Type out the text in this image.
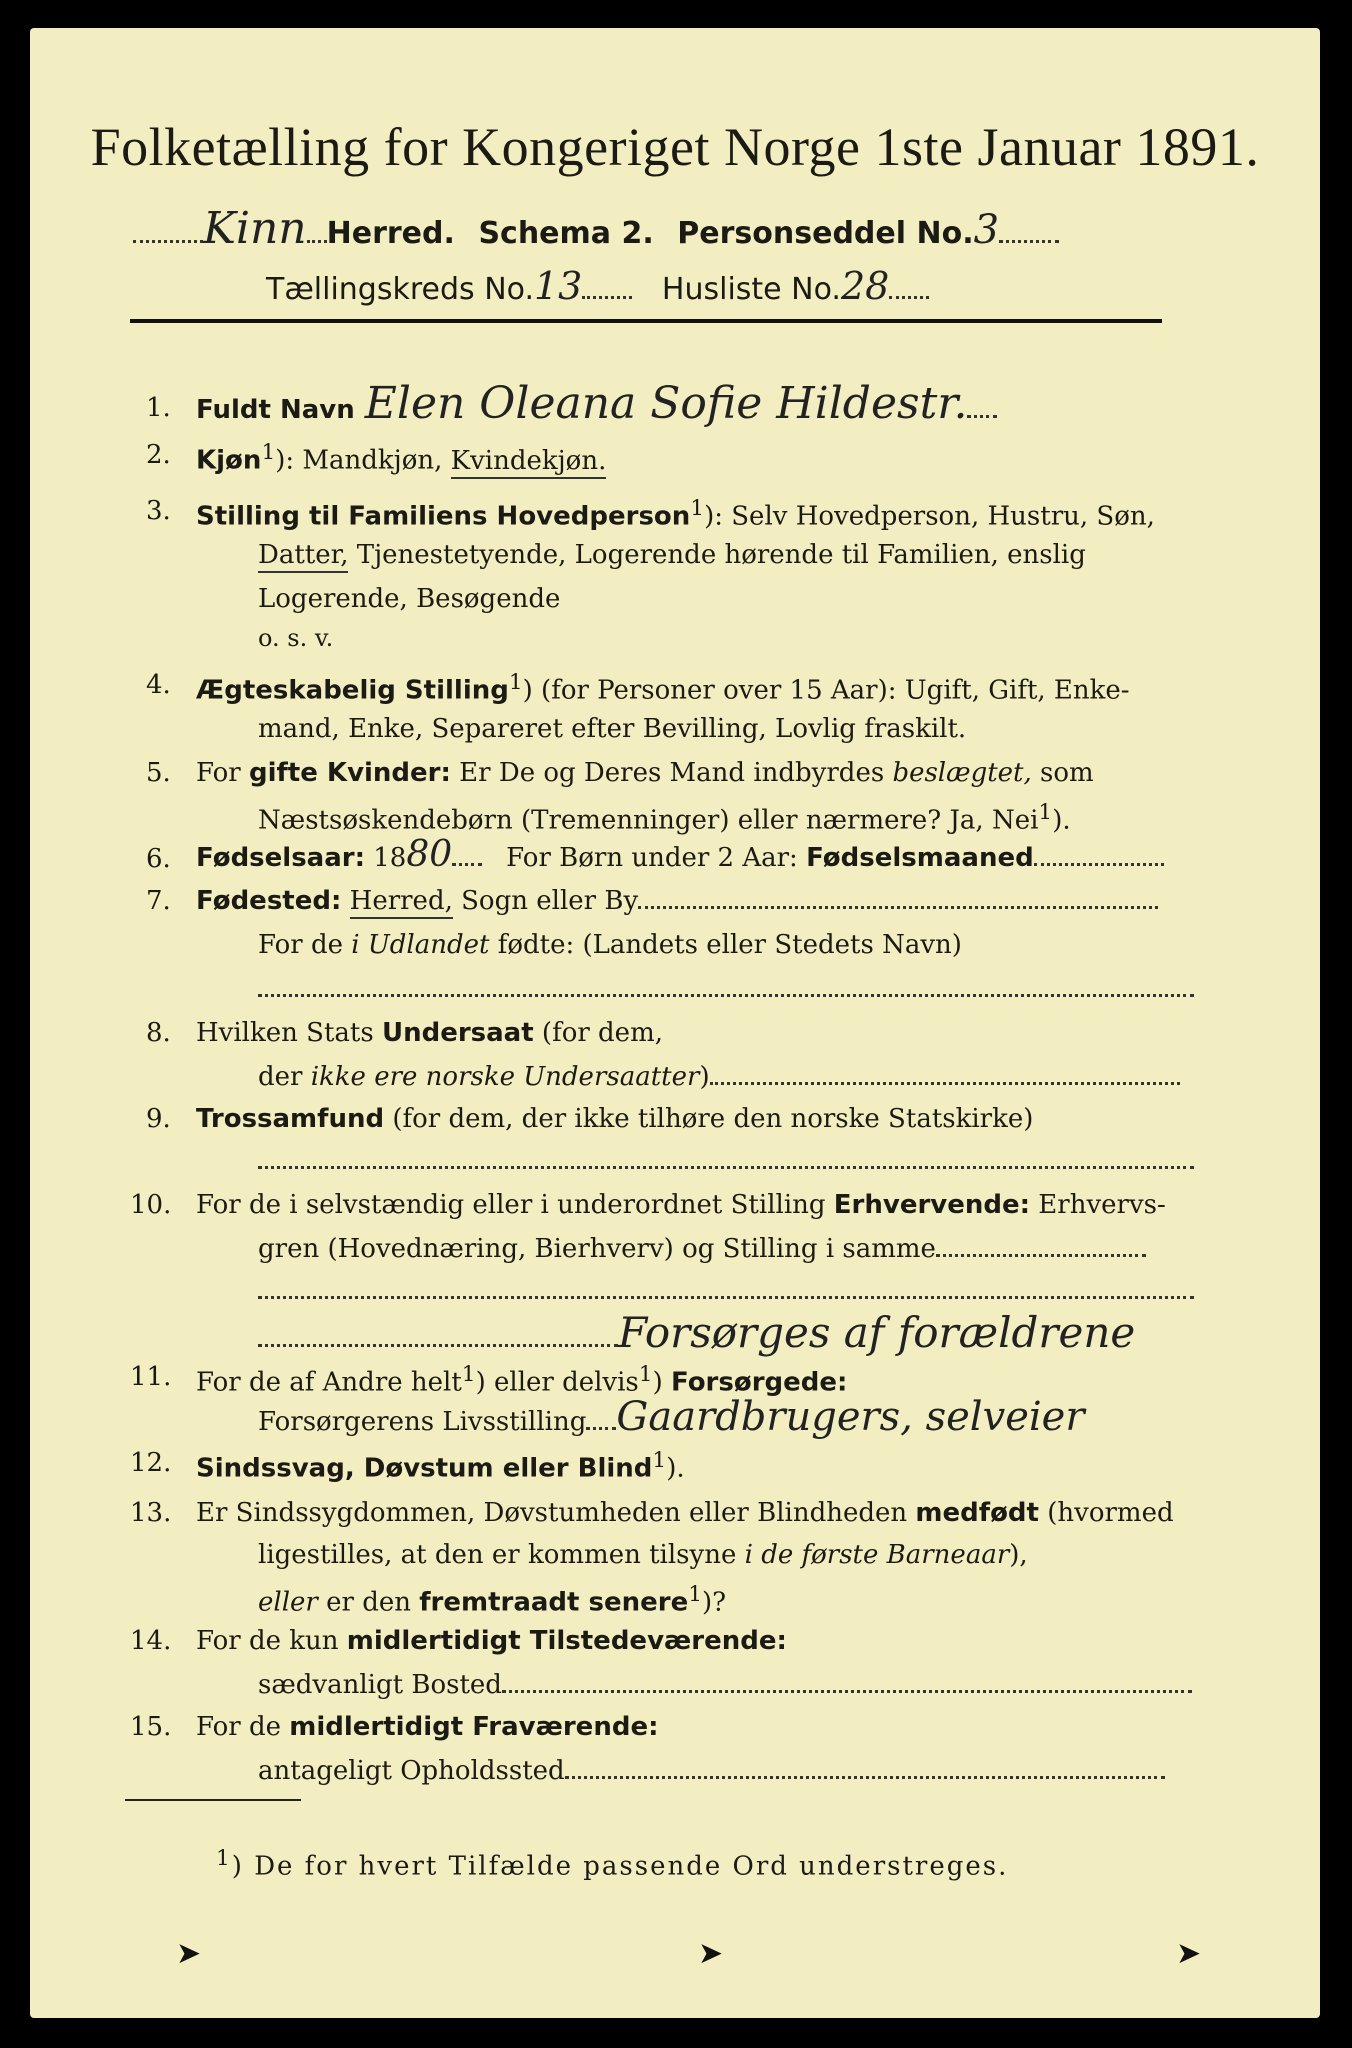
Folketælling for Kongeriget Norge 1ste Januar 1891.
Kinn Herred. Schema 2. Personseddel No.3
Tællingskreds No.13	Husliste No.28
1. Fuldt Navn Elen Oleana Sofie Hildestr.
2. Kjøn$^1$): Mandkjøn, Kvindekjøn.
3. Stilling til Familiens Hovedperson$^1$): Selv Hovedperson, Hustru, Søn,
Datter, Tjenestetyende, Logerende hørende til Familien, enslig
Logerende, Besøgende
o. s. v.
4. Ægteskabelig Stilling$^1$) (for Personer over 15 Aar): Ugift, Gift, Enke-
mand, Enke, Separeret efter Bevilling, Lovlig fraskilt.
5. For gifte Kvinder: Er De og Deres Mand indbyrdes beslægtet, som
Næstsøskendebørn (Tremenninger) eller nærmere? Ja, Nei$^1$).
6. Fødselsaar: 1880 For Børn under 2 Aar: Fødselsmaaned
7. Fødested: Herred, Sogn eller By
For de i Udlandet fødte: (Landets eller Stedets Navn)
8. Hvilken Stats Undersaat (for dem,
der ikke ere norske Undersaatter)
9. Trossamfund (for dem, der ikke tilhøre den norske Statskirke)
10. For de i selvstændig eller i underordnet Stilling Erhvervende: Erhvervs-
gren (Hovednæring, Bierhverv) og Stilling i samme
Forsørges af forældrene
11. For de af Andre helt$^1$) eller delvis$^1$) Forsørgede:
Forsørgerens Livsstilling Gaardbrugers, selveier
12. Sindssvag, Døvstum eller Blind$^1$).
13. Er Sindssygdommen, Døvstumheden eller Blindheden medfødt (hvormed
ligestilles, at den er kommen tilsyne i de første Barneaar),
eller er den fremtraadt senere$^1$)?
14. For de kun midlertidigt Tilstedeværende:
sædvanligt Bosted
15. For de midlertidigt Fraværende:
antageligt Opholdssted
$^1$) De for hvert Tilfælde passende Ord understreges.
➤	➤	➤
